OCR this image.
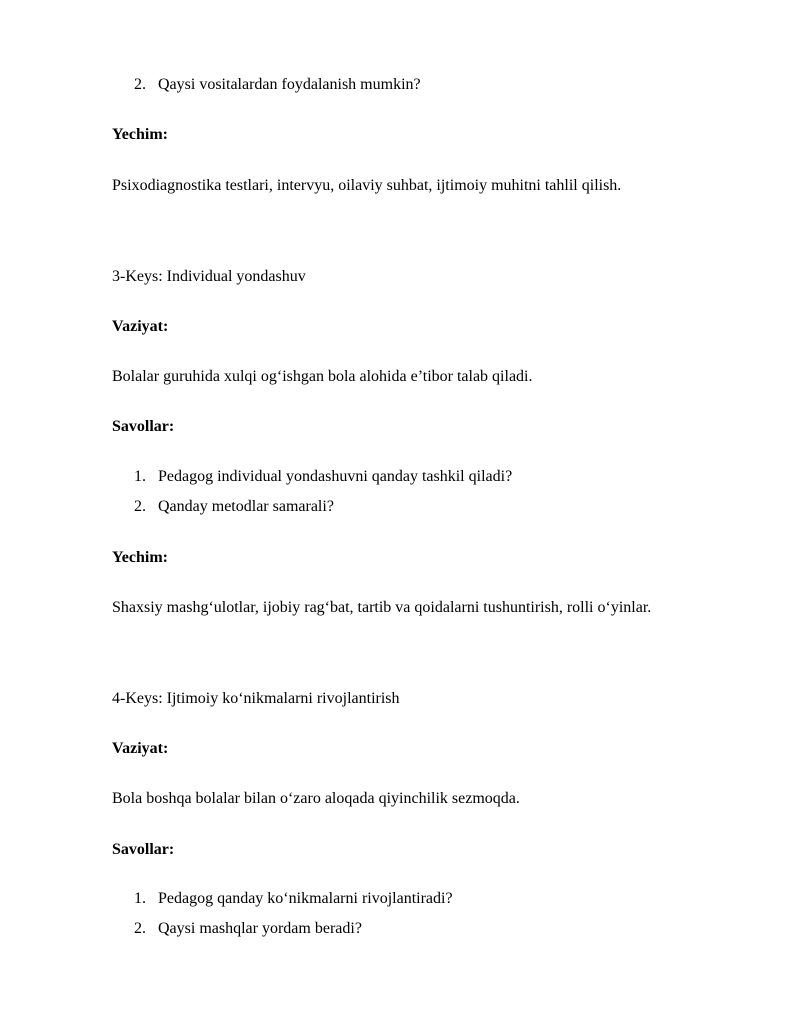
2. Qaysi vositalardan foydalanish mumkin?
Yechim:
Psixodiagnostika testlari, intervyu, oilaviy suhbat, ijtimoiy muhitni tahlil qilish.
3-Keys: Individual yondashuv
Vaziyat:
Bolalar guruhida xulqi og‘ishgan bola alohida e’tibor talab qiladi.
Savollar:
1. Pedagog individual yondashuvni qanday tashkil qiladi?
2. Qanday metodlar samarali?
Yechim:
Shaxsiy mashg‘ulotlar, ijobiy rag‘bat, tartib va qoidalarni tushuntirish, rolli o‘yinlar.
4-Keys: Ijtimoiy ko‘nikmalarni rivojlantirish
Vaziyat:
Bola boshqa bolalar bilan o‘zaro aloqada qiyinchilik sezmoqda.
Savollar:
1. Pedagog qanday ko‘nikmalarni rivojlantiradi?
2. Qaysi mashqlar yordam beradi?
